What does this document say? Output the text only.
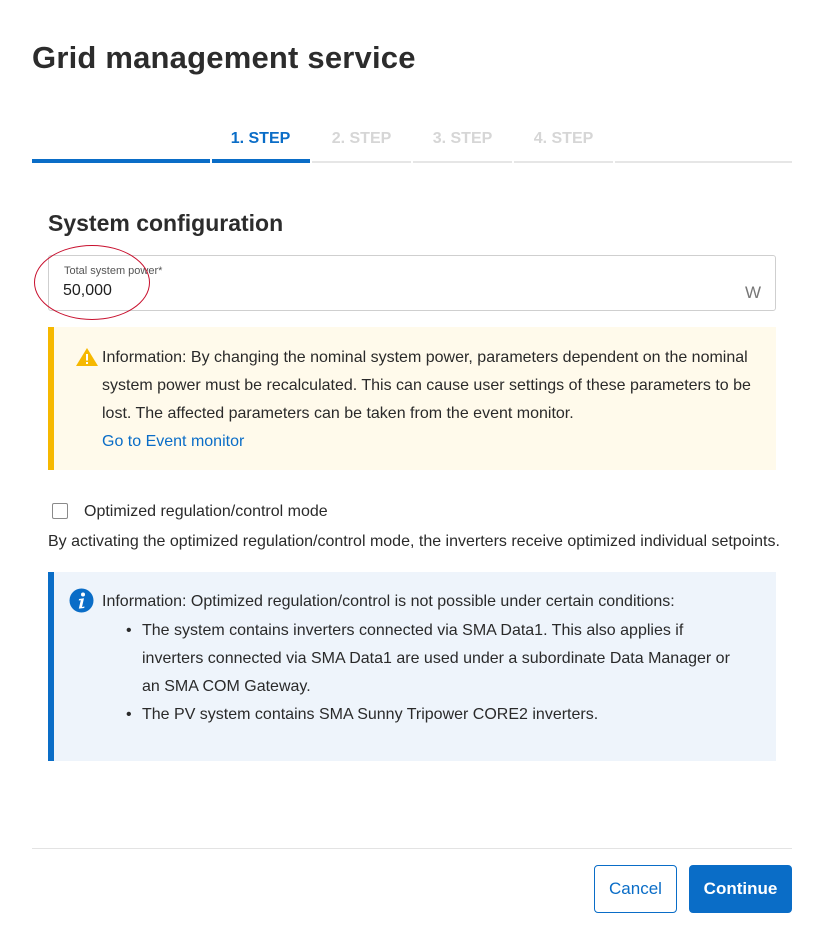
Grid management service
1. STEP	2. STEP	3. STEP	4. STEP
System configuration
Total system power*
50,000
W
Information: By changing the nominal system power, parameters dependent on the nominal system power must be recalculated. This can cause user settings of these parameters to be lost. The affected parameters can be taken from the event monitor.
Go to Event monitor
Optimized regulation/control mode
By activating the optimized regulation/control mode, the inverters receive optimized individual setpoints.
Information: Optimized regulation/control is not possible under certain conditions:
• The system contains inverters connected via SMA Data1. This also applies if inverters connected via SMA Data1 are used under a subordinate Data Manager or an SMA COM Gateway.
• The PV system contains SMA Sunny Tripower CORE2 inverters.
Cancel	Continue
